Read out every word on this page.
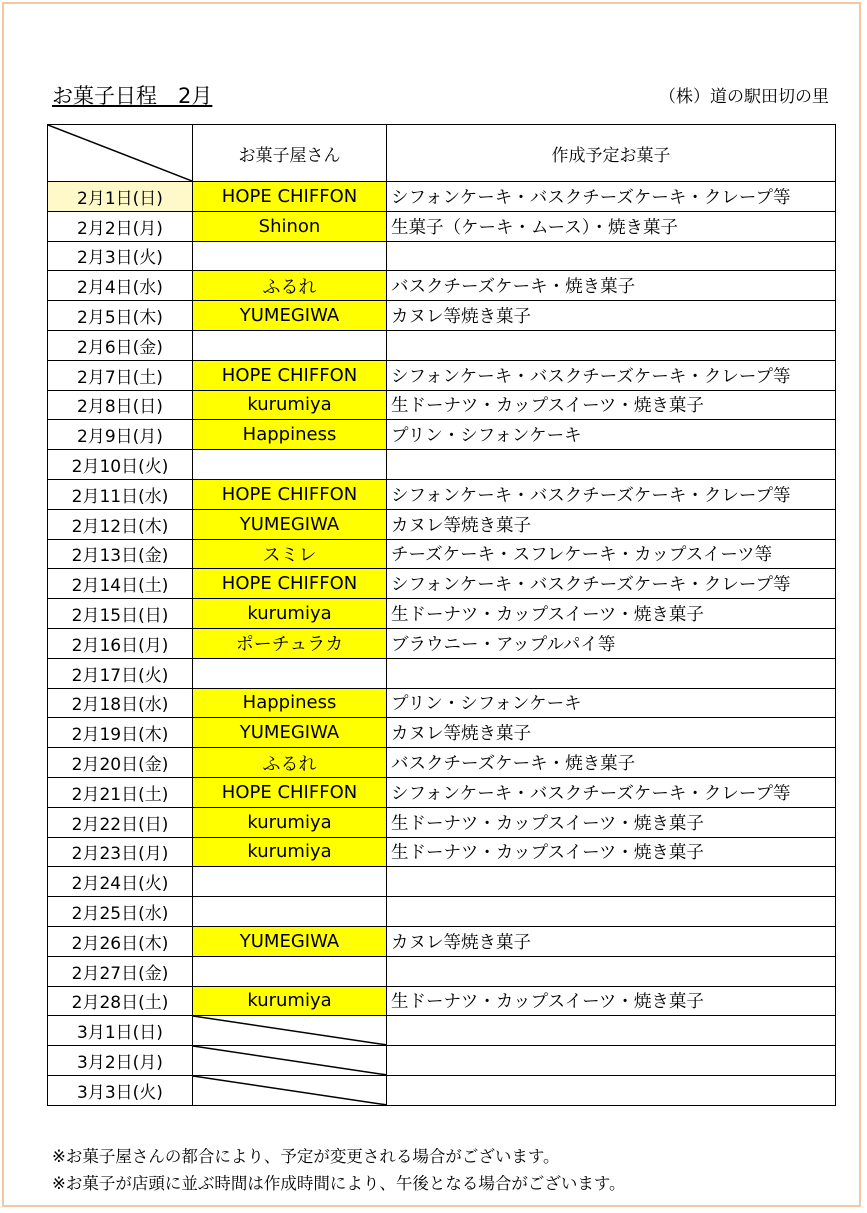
お菓子日程　2月	（株）道の駅田切の里
	お菓子屋さん	作成予定お菓子
2月1日(日)	HOPE CHIFFON	シフォンケーキ・バスクチーズケーキ・クレープ等
2月2日(月)	Shinon	生菓子（ケーキ・ムース）・焼き菓子
2月3日(火)		
2月4日(水)	ふるれ	バスクチーズケーキ・焼き菓子
2月5日(木)	YUMEGIWA	カヌレ等焼き菓子
2月6日(金)		
2月7日(土)	HOPE CHIFFON	シフォンケーキ・バスクチーズケーキ・クレープ等
2月8日(日)	kurumiya	生ドーナツ・カップスイーツ・焼き菓子
2月9日(月)	Happiness	プリン・シフォンケーキ
2月10日(火)		
2月11日(水)	HOPE CHIFFON	シフォンケーキ・バスクチーズケーキ・クレープ等
2月12日(木)	YUMEGIWA	カヌレ等焼き菓子
2月13日(金)	スミレ	チーズケーキ・スフレケーキ・カップスイーツ等
2月14日(土)	HOPE CHIFFON	シフォンケーキ・バスクチーズケーキ・クレープ等
2月15日(日)	kurumiya	生ドーナツ・カップスイーツ・焼き菓子
2月16日(月)	ポーチュラカ	ブラウニー・アップルパイ等
2月17日(火)		
2月18日(水)	Happiness	プリン・シフォンケーキ
2月19日(木)	YUMEGIWA	カヌレ等焼き菓子
2月20日(金)	ふるれ	バスクチーズケーキ・焼き菓子
2月21日(土)	HOPE CHIFFON	シフォンケーキ・バスクチーズケーキ・クレープ等
2月22日(日)	kurumiya	生ドーナツ・カップスイーツ・焼き菓子
2月23日(月)	kurumiya	生ドーナツ・カップスイーツ・焼き菓子
2月24日(火)		
2月25日(水)		
2月26日(木)	YUMEGIWA	カヌレ等焼き菓子
2月27日(金)		
2月28日(土)	kurumiya	生ドーナツ・カップスイーツ・焼き菓子
3月1日(日)	

3月2日(月)	

3月3日(火)	

※お菓子屋さんの都合により、予定が変更される場合がございます。
※お菓子が店頭に並ぶ時間は作成時間により、午後となる場合がございます。
